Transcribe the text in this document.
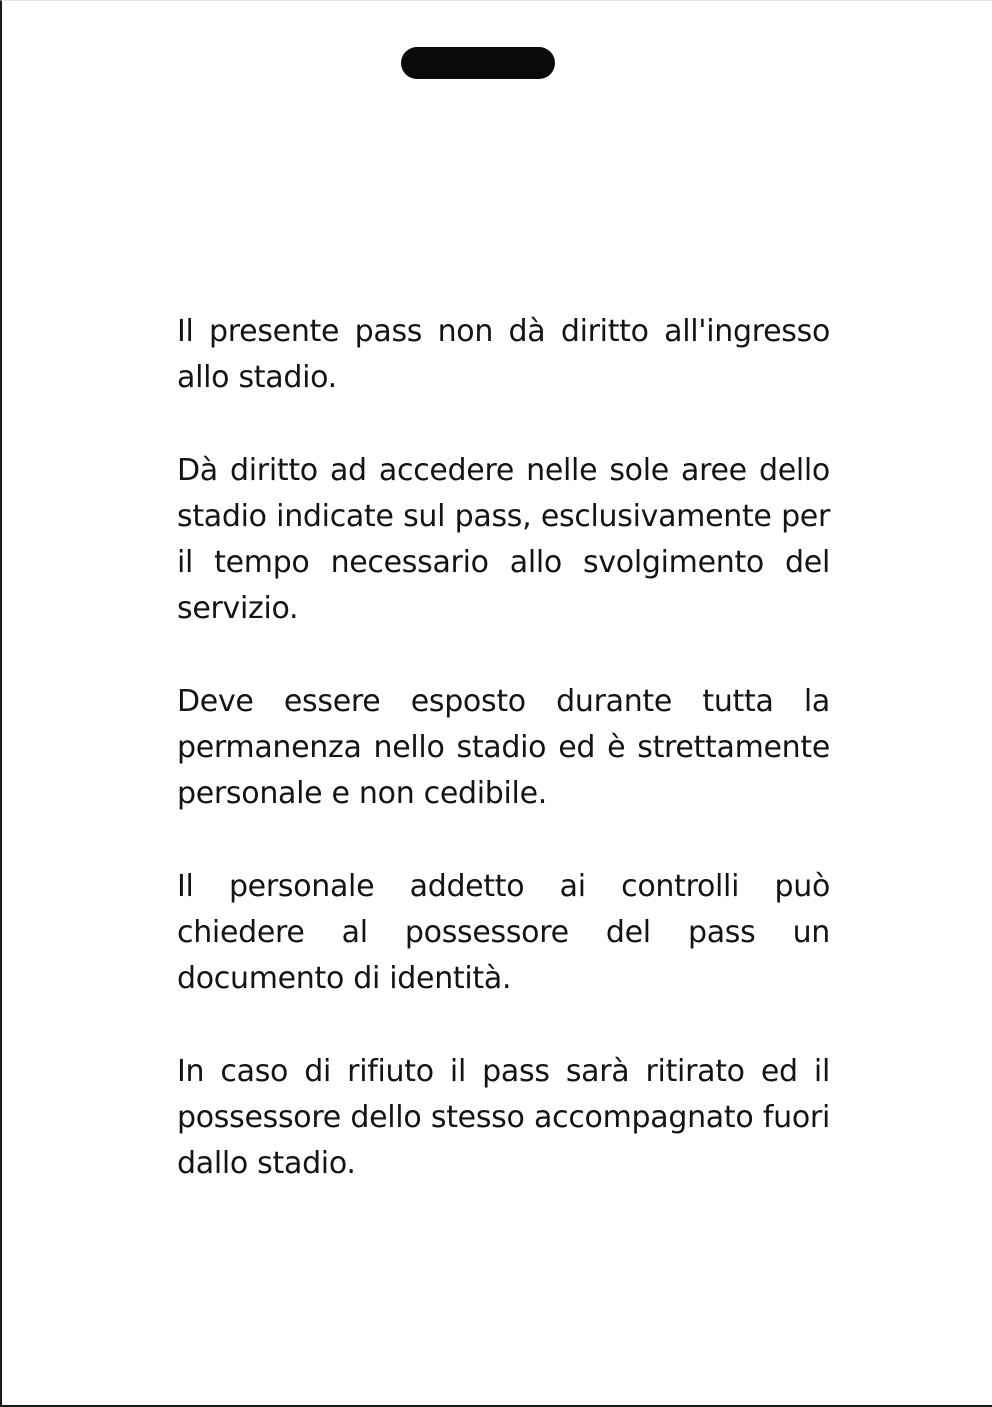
Il presente pass non dà diritto all'ingresso allo stadio.

Dà diritto ad accedere nelle sole aree dello stadio indicate sul pass, esclusivamente per il tempo necessario allo svolgimento del servizio.

Deve essere esposto durante tutta la permanenza nello stadio ed è strettamente personale e non cedibile.

Il personale addetto ai controlli può chiedere al possessore del pass un documento di identità.

In caso di rifiuto il pass sarà ritirato ed il possessore dello stesso accompagnato fuori dallo stadio.
